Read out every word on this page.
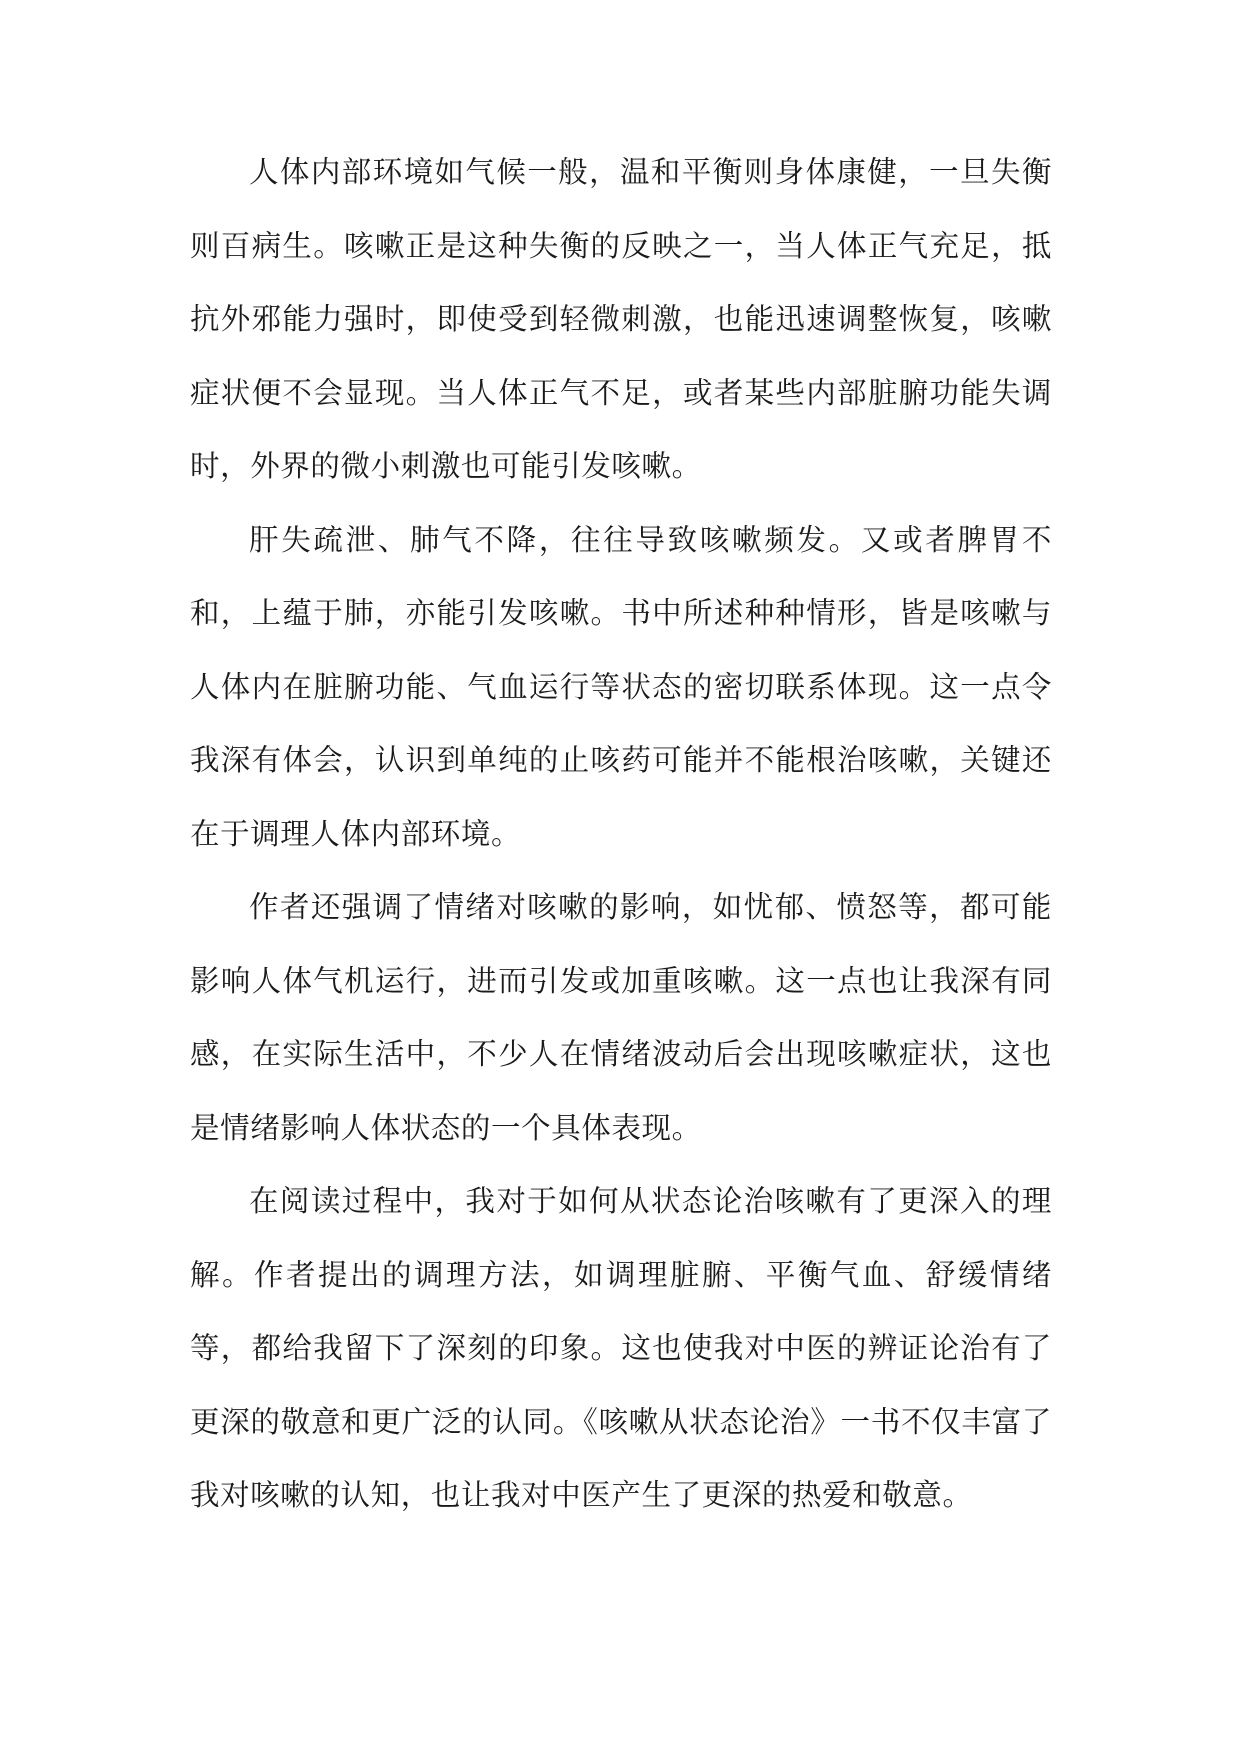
人体内部环境如气候一般，温和平衡则身体康健，一旦失衡则百病生。咳嗽正是这种失衡的反映之一，当人体正气充足，抵抗外邪能力强时，即使受到轻微刺激，也能迅速调整恢复，咳嗽症状便不会显现。当人体正气不足，或者某些内部脏腑功能失调时，外界的微小刺激也可能引发咳嗽。

肝失疏泄、肺气不降，往往导致咳嗽频发。又或者脾胃不和，上蕴于肺，亦能引发咳嗽。书中所述种种情形，皆是咳嗽与人体内在脏腑功能、气血运行等状态的密切联系体现。这一点令我深有体会，认识到单纯的止咳药可能并不能根治咳嗽，关键还在于调理人体内部环境。

作者还强调了情绪对咳嗽的影响，如忧郁、愤怒等，都可能影响人体气机运行，进而引发或加重咳嗽。这一点也让我深有同感，在实际生活中，不少人在情绪波动后会出现咳嗽症状，这也是情绪影响人体状态的一个具体表现。

在阅读过程中，我对于如何从状态论治咳嗽有了更深入的理解。作者提出的调理方法，如调理脏腑、平衡气血、舒缓情绪等，都给我留下了深刻的印象。这也使我对中医的辨证论治有了更深的敬意和更广泛的认同。《咳嗽从状态论治》一书不仅丰富了我对咳嗽的认知，也让我对中医产生了更深的热爱和敬意。
